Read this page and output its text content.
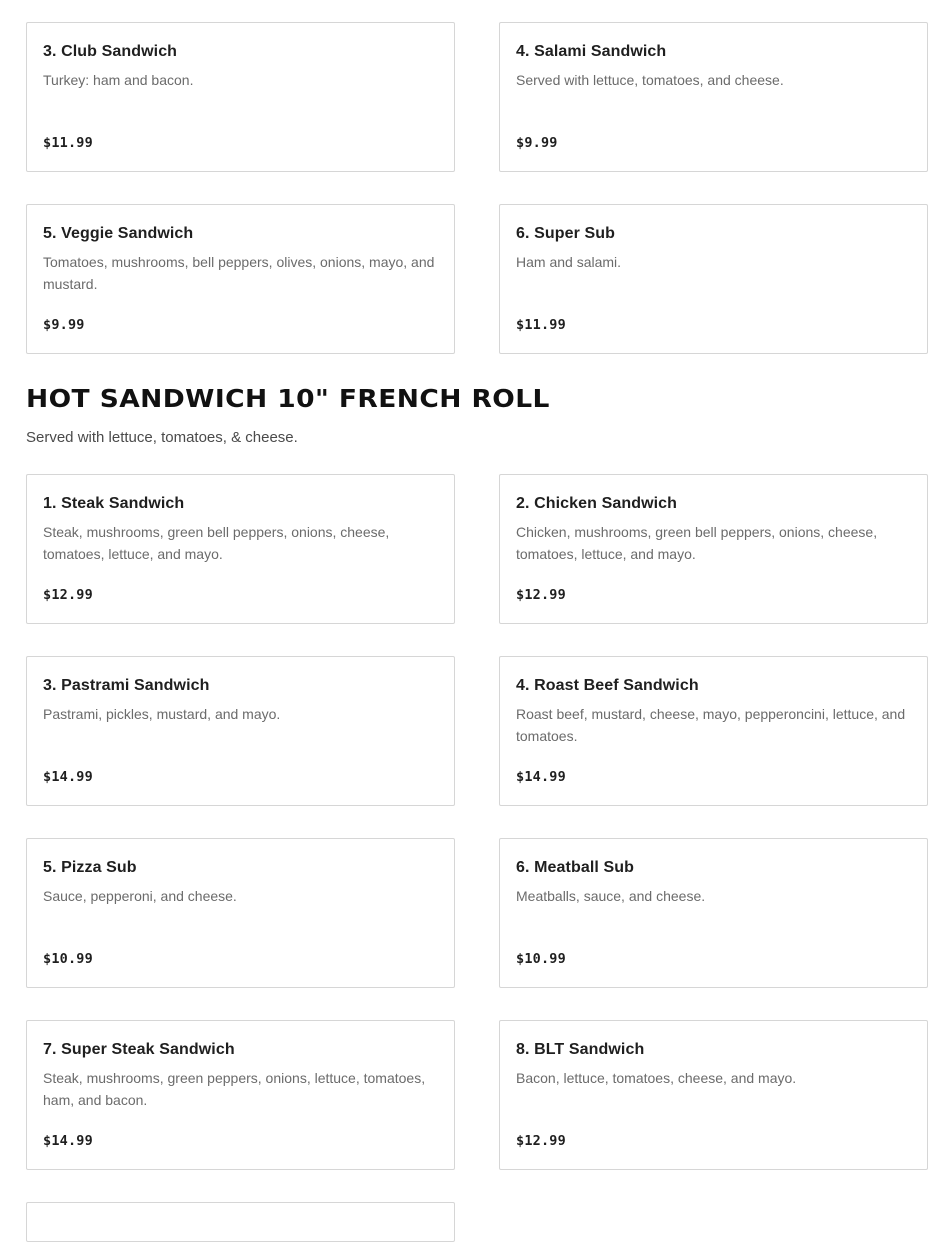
3. Club Sandwich
Turkey: ham and bacon.
$11.99
4. Salami Sandwich
Served with lettuce, tomatoes, and cheese.
$9.99
5. Veggie Sandwich
Tomatoes, mushrooms, bell peppers, olives, onions, mayo, and mustard.
$9.99
6. Super Sub
Ham and salami.
$11.99
HOT SANDWICH 10" FRENCH ROLL
Served with lettuce, tomatoes, & cheese.
1. Steak Sandwich
Steak, mushrooms, green bell peppers, onions, cheese, tomatoes, lettuce, and mayo.
$12.99
2. Chicken Sandwich
Chicken, mushrooms, green bell peppers, onions, cheese, tomatoes, lettuce, and mayo.
$12.99
3. Pastrami Sandwich
Pastrami, pickles, mustard, and mayo.
$14.99
4. Roast Beef Sandwich
Roast beef, mustard, cheese, mayo, pepperoncini, lettuce, and tomatoes.
$14.99
5. Pizza Sub
Sauce, pepperoni, and cheese.
$10.99
6. Meatball Sub
Meatballs, sauce, and cheese.
$10.99
7. Super Steak Sandwich
Steak, mushrooms, green peppers, onions, lettuce, tomatoes, ham, and bacon.
$14.99
8. BLT Sandwich
Bacon, lettuce, tomatoes, cheese, and mayo.
$12.99
